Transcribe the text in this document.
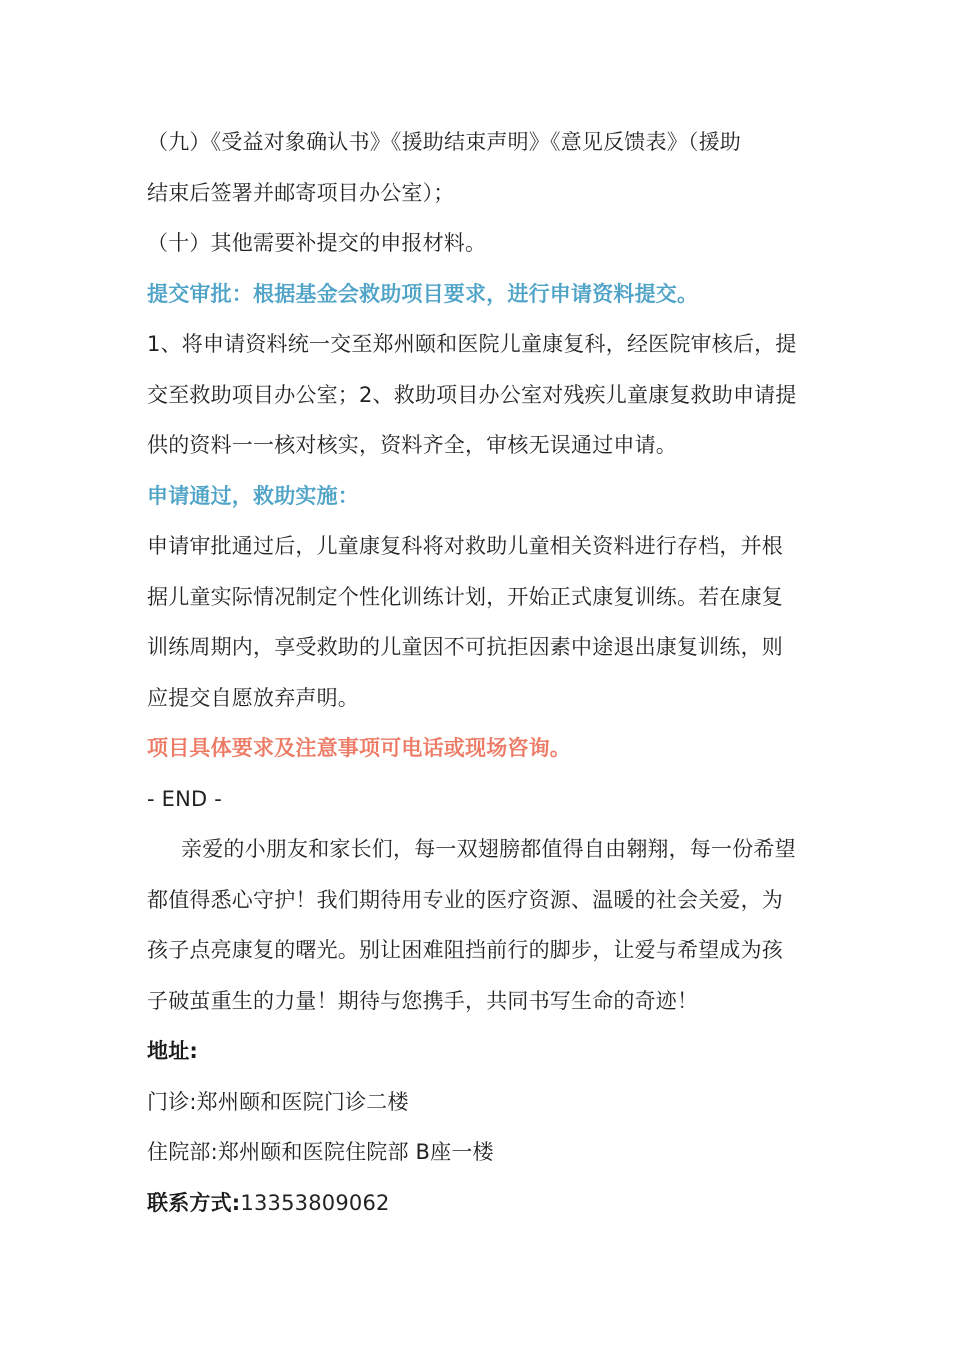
（九）《受益对象确认书》《援助结束声明》《意见反馈表》（援助
结束后签署并邮寄项目办公室）；
（十）其他需要补提交的申报材料。
提交审批：根据基金会救助项目要求，进行申请资料提交。
1、将申请资料统一交至郑州颐和医院儿童康复科，经医院审核后，提
交至救助项目办公室；2、救助项目办公室对残疾儿童康复救助申请提
供的资料一一核对核实，资料齐全，审核无误通过申请。
申请通过，救助实施：
申请审批通过后，儿童康复科将对救助儿童相关资料进行存档，并根
据儿童实际情况制定个性化训练计划，开始正式康复训练。若在康复
训练周期内，享受救助的儿童因不可抗拒因素中途退出康复训练，则
应提交自愿放弃声明。
项目具体要求及注意事项可电话或现场咨询。
- END -
亲爱的小朋友和家长们，每一双翅膀都值得自由翱翔，每一份希望
都值得悉心守护！我们期待用专业的医疗资源、温暖的社会关爱，为
孩子点亮康复的曙光。别让困难阻挡前行的脚步，让爱与希望成为孩
子破茧重生的力量！期待与您携手，共同书写生命的奇迹！
地址:
门诊:郑州颐和医院门诊二楼
住院部:郑州颐和医院住院部 B座一楼
联系方式:13353809062
